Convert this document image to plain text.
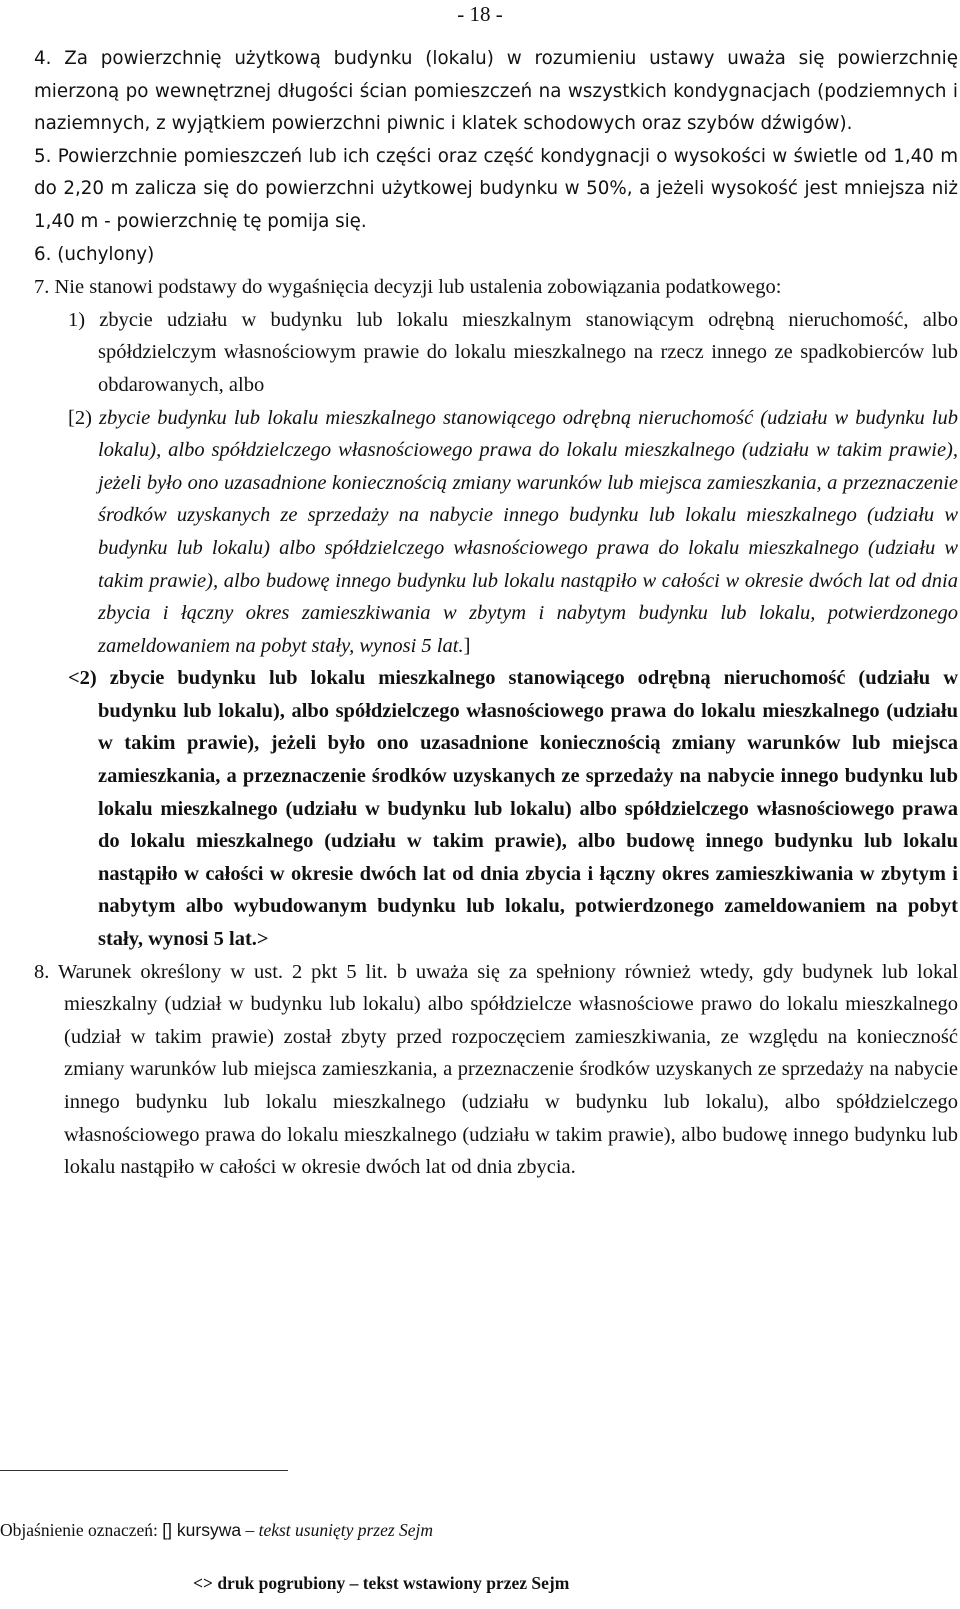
- 18 -

4. Za powierzchnię użytkową budynku (lokalu) w rozumieniu ustawy uważa się powierzchnię mierzoną po wewnętrznej długości ścian pomieszczeń na wszystkich kondygnacjach (podziemnych i naziemnych, z wyjątkiem powierzchni piwnic i klatek schodowych oraz szybów dźwigów).

5. Powierzchnie pomieszczeń lub ich części oraz część kondygnacji o wysokości w świetle od 1,40 m do 2,20 m zalicza się do powierzchni użytkowej budynku w 50%, a jeżeli wysokość jest mniejsza niż 1,40 m - powierzchnię tę pomija się.

6. (uchylony)

7. Nie stanowi podstawy do wygaśnięcia decyzji lub ustalenia zobowiązania podatkowego:

1) zbycie udziału w budynku lub lokalu mieszkalnym stanowiącym odrębną nieruchomość, albo spółdzielczym własnościowym prawie do lokalu mieszkalnego na rzecz innego ze spadkobierców lub obdarowanych, albo

[2) zbycie budynku lub lokalu mieszkalnego stanowiącego odrębną nieruchomość (udziału w budynku lub lokalu), albo spółdzielczego własnościowego prawa do lokalu mieszkalnego (udziału w takim prawie), jeżeli było ono uzasadnione koniecznością zmiany warunków lub miejsca zamieszkania, a przeznaczenie środków uzyskanych ze sprzedaży na nabycie innego budynku lub lokalu mieszkalnego (udziału w budynku lub lokalu) albo spółdzielczego własnościowego prawa do lokalu mieszkalnego (udziału w takim prawie), albo budowę innego budynku lub lokalu nastąpiło w całości w okresie dwóch lat od dnia zbycia i łączny okres zamieszkiwania w zbytym i nabytym budynku lub lokalu, potwierdzonego zameldowaniem na pobyt stały, wynosi 5 lat.]

<2) zbycie budynku lub lokalu mieszkalnego stanowiącego odrębną nieruchomość (udziału w budynku lub lokalu), albo spółdzielczego własnościowego prawa do lokalu mieszkalnego (udziału w takim prawie), jeżeli było ono uzasadnione koniecznością zmiany warunków lub miejsca zamieszkania, a przeznaczenie środków uzyskanych ze sprzedaży na nabycie innego budynku lub lokalu mieszkalnego (udziału w budynku lub lokalu) albo spółdzielczego własnościowego prawa do lokalu mieszkalnego (udziału w takim prawie), albo budowę innego budynku lub lokalu nastąpiło w całości w okresie dwóch lat od dnia zbycia i łączny okres zamieszkiwania w zbytym i nabytym albo wybudowanym budynku lub lokalu, potwierdzonego zameldowaniem na pobyt stały, wynosi 5 lat.>

8. Warunek określony w ust. 2 pkt 5 lit. b uważa się za spełniony również wtedy, gdy budynek lub lokal mieszkalny (udział w budynku lub lokalu) albo spółdzielcze własnościowe prawo do lokalu mieszkalnego (udział w takim prawie) został zbyty przed rozpoczęciem zamieszkiwania, ze względu na konieczność zmiany warunków lub miejsca zamieszkania, a przeznaczenie środków uzyskanych ze sprzedaży na nabycie innego budynku lub lokalu mieszkalnego (udziału w budynku lub lokalu), albo spółdzielczego własnościowego prawa do lokalu mieszkalnego (udziału w takim prawie), albo budowę innego budynku lub lokalu nastąpiło w całości w okresie dwóch lat od dnia zbycia.

Objaśnienie oznaczeń: [] kursywa – tekst usunięty przez Sejm
<> druk pogrubiony – tekst wstawiony przez Sejm
